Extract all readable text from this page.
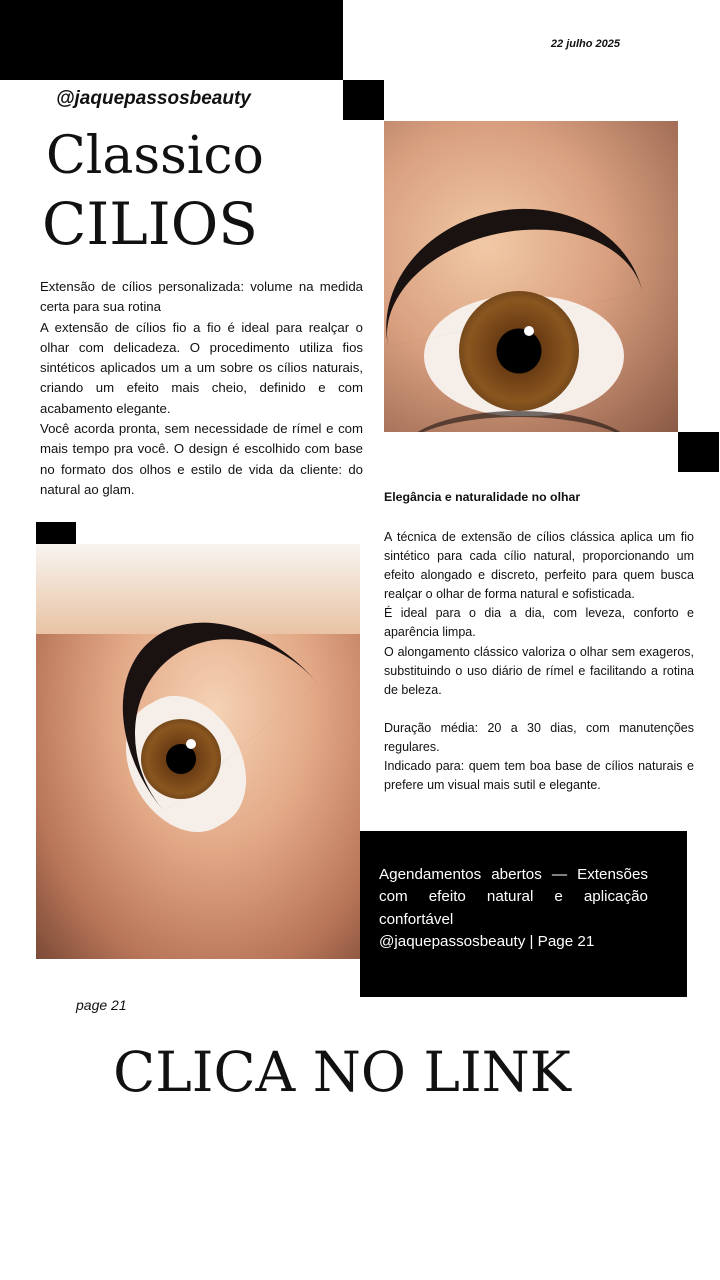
22 julho 2025
@jaquepassosbeauty
Classico
CILIOS

Extensão de cílios personalizada: volume na medida certa para sua rotina

A extensão de cílios fio a fio é ideal para realçar o olhar com delicadeza. O procedimento utiliza fios sintéticos aplicados um a um sobre os cílios naturais, criando um efeito mais cheio, definido e com acabamento elegante.

Você acorda pronta, sem necessidade de rímel e com mais tempo pra você. O design é escolhido com base no formato dos olhos e estilo de vida da cliente: do natural ao glam.

Elegância e naturalidade no olhar

A técnica de extensão de cílios clássica aplica um fio sintético para cada cílio natural, proporcionando um efeito alongado e discreto, perfeito para quem busca realçar o olhar de forma natural e sofisticada.

É ideal para o dia a dia, com leveza, conforto e aparência limpa.

O alongamento clássico valoriza o olhar sem exageros, substituindo o uso diário de rímel e facilitando a rotina de beleza.

Duração média: 20 a 30 dias, com manutenções regulares.

Indicado para: quem tem boa base de cílios naturais e prefere um visual mais sutil e elegante.

Agendamentos abertos — Extensões com efeito natural e aplicação confortável

@jaquepassosbeauty | Page 21

page 21
CLICA NO LINK
